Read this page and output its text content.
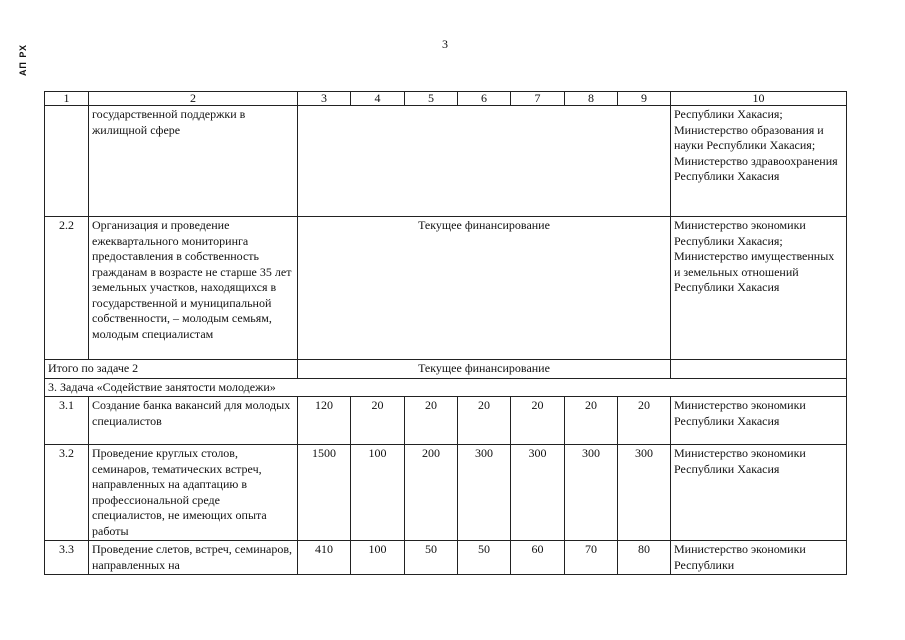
АП РХ	3
1	2	3	4	5	6	7	8	9	10
	государственной поддержки в жилищной сфере								Республики Хакасия; Министерство образования и науки Республики Хакасия; Министерство здравоохранения Республики Хакасия
2.2	Организация и проведение ежеквартального мониторинга предоставления в собственность гражданам в возрасте не старше 35 лет земельных участков, находящихся в государственной и муниципальной собственности, – молодым семьям, молодым специалистам	Текущее финансирование							Министерство экономики Республики Хакасия; Министерство имущественных и земельных отношений Республики Хакасия
Итого по задаче 2		Текущее финансирование							
3. Задача «Содействие занятости молодежи»									
3.1	Создание банка вакансий для молодых специалистов	120	20	20	20	20	20	20	Министерство экономики Республики Хакасия
3.2	Проведение круглых столов, семинаров, тематических встреч, направленных на адаптацию в профессиональной среде специалистов, не имеющих опыта работы	1500	100	200	300	300	300	300	Министерство экономики Республики Хакасия
3.3	Проведение слетов, встреч, семинаров, направленных на	410	100	50	50	60	70	80	Министерство экономики Республики
